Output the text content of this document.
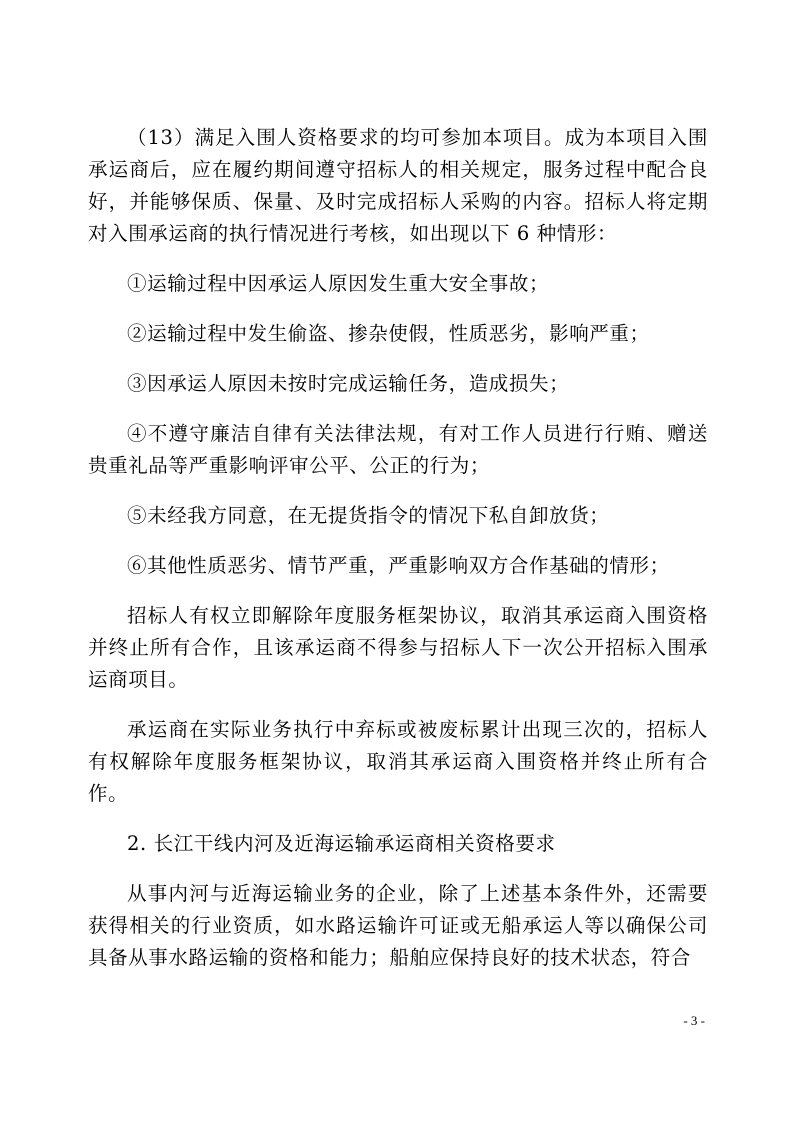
（13）满足入围人资格要求的均可参加本项目。成为本项目入围承运商后，应在履约期间遵守招标人的相关规定，服务过程中配合良好，并能够保质、保量、及时完成招标人采购的内容。招标人将定期对入围承运商的执行情况进行考核，如出现以下 6 种情形：

①运输过程中因承运人原因发生重大安全事故；

②运输过程中发生偷盗、掺杂使假，性质恶劣，影响严重；

③因承运人原因未按时完成运输任务，造成损失；

④不遵守廉洁自律有关法律法规，有对工作人员进行行贿、赠送贵重礼品等严重影响评审公平、公正的行为；

⑤未经我方同意，在无提货指令的情况下私自卸放货；

⑥其他性质恶劣、情节严重，严重影响双方合作基础的情形；

招标人有权立即解除年度服务框架协议，取消其承运商入围资格并终止所有合作，且该承运商不得参与招标人下一次公开招标入围承运商项目。

承运商在实际业务执行中弃标或被废标累计出现三次的，招标人有权解除年度服务框架协议，取消其承运商入围资格并终止所有合作。

2. 长江干线内河及近海运输承运商相关资格要求

从事内河与近海运输业务的企业，除了上述基本条件外，还需要获得相关的行业资质，如水路运输许可证或无船承运人等以确保公司具备从事水路运输的资格和能力；船舶应保持良好的技术状态，符合

- 3 -
